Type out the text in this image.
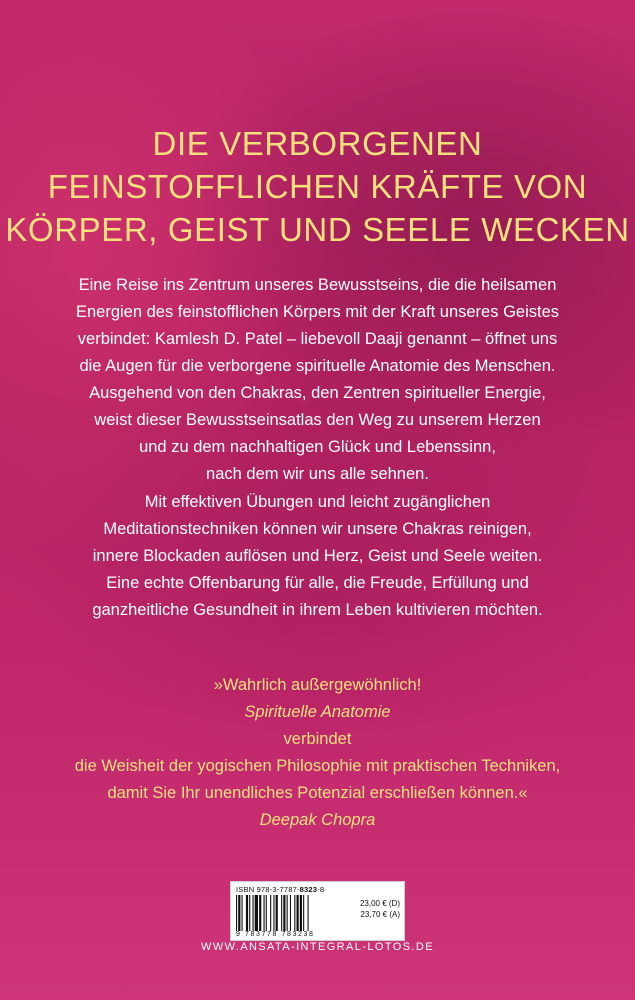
DIE VERBORGENEN
FEINSTOFFLICHEN KRÄFTE VON
KÖRPER, GEIST UND SEELE WECKEN

Eine Reise ins Zentrum unseres Bewusstseins, die die heilsamen
Energien des feinstofflichen Körpers mit der Kraft unseres Geistes
verbindet: Kamlesh D. Patel – liebevoll Daaji genannt – öffnet uns
die Augen für die verborgene spirituelle Anatomie des Menschen.
Ausgehend von den Chakras, den Zentren spiritueller Energie,
weist dieser Bewusstseinsatlas den Weg zu unserem Herzen
und zu dem nachhaltigen Glück und Lebenssinn,
nach dem wir uns alle sehnen.

Mit effektiven Übungen und leicht zugänglichen
Meditationstechniken können wir unsere Chakras reinigen,
innere Blockaden auflösen und Herz, Geist und Seele weiten.
Eine echte Offenbarung für alle, die Freude, Erfüllung und
ganzheitliche Gesundheit in ihrem Leben kultivieren möchten.

»Wahrlich außergewöhnlich!
Spirituelle Anatomie
verbindet
die Weisheit der yogischen Philosophie mit praktischen Techniken,
damit Sie Ihr unendliches Potenzial erschließen können.«
Deepak Chopra
ISBN 978-3-7787-8323-8
9 783778 783238
23,00 € (D)
23,70 € (A)

WWW.ANSATA-INTEGRAL-LOTOS.DE
